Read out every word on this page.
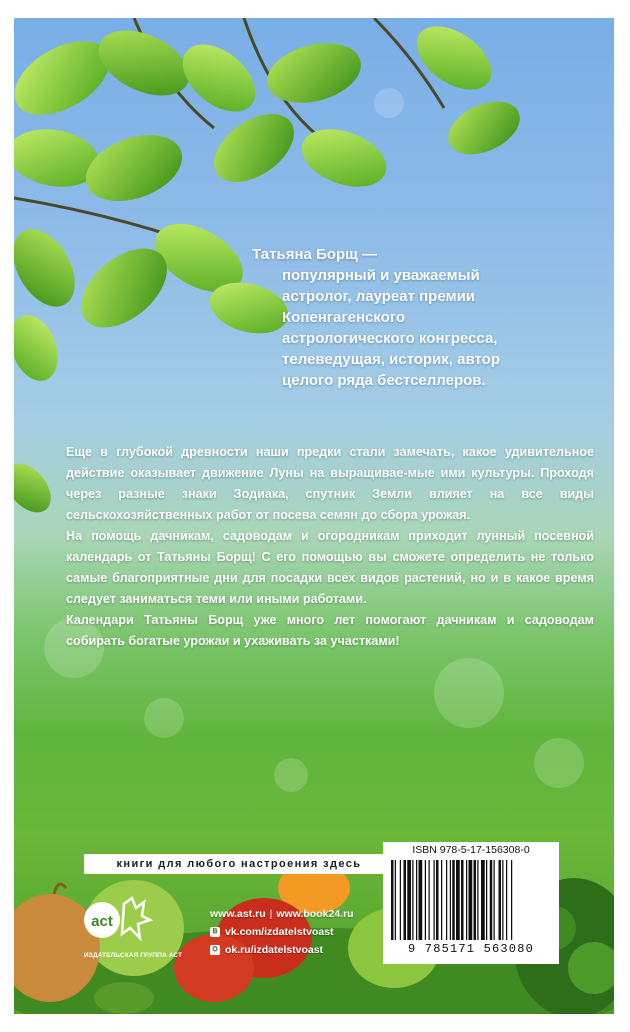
Татьяна Борщ —
популярный и уважаемый
астролог, лауреат премии
Копенгагенского
астрологического конгресса,
телеведущая, историк, автор
целого ряда бестселлеров.

Еще в глубокой древности наши предки стали замечать, какое удивительное действие оказывает движение Луны на выращивае-мые ими культуры. Проходя через разные знаки Зодиака, спутник Земли влияет на все виды сельскохозяйственных работ от посева семян до сбора урожая.

На помощь дачникам, садоводам и огородникам приходит лунный посевной календарь от Татьяны Борщ! С его помощью вы сможете определить не только самые благоприятные дни для посадки всех видов растений, но и в какое время следует заниматься теми или иными работами.

Календари Татьяны Борщ уже много лет помогают дачникам и садоводам собирать богатые урожаи и ухаживать за участками!

книги для любого настроения здесь
act
ИЗДАТЕЛЬСКАЯ ГРУППА АСТ
www.ast.ru | www.book24.ru
В vk.com/izdatelstvoast
О ok.ru/izdatelstvoast
ISBN 978-5-17-156308-0
9 785171 563080
